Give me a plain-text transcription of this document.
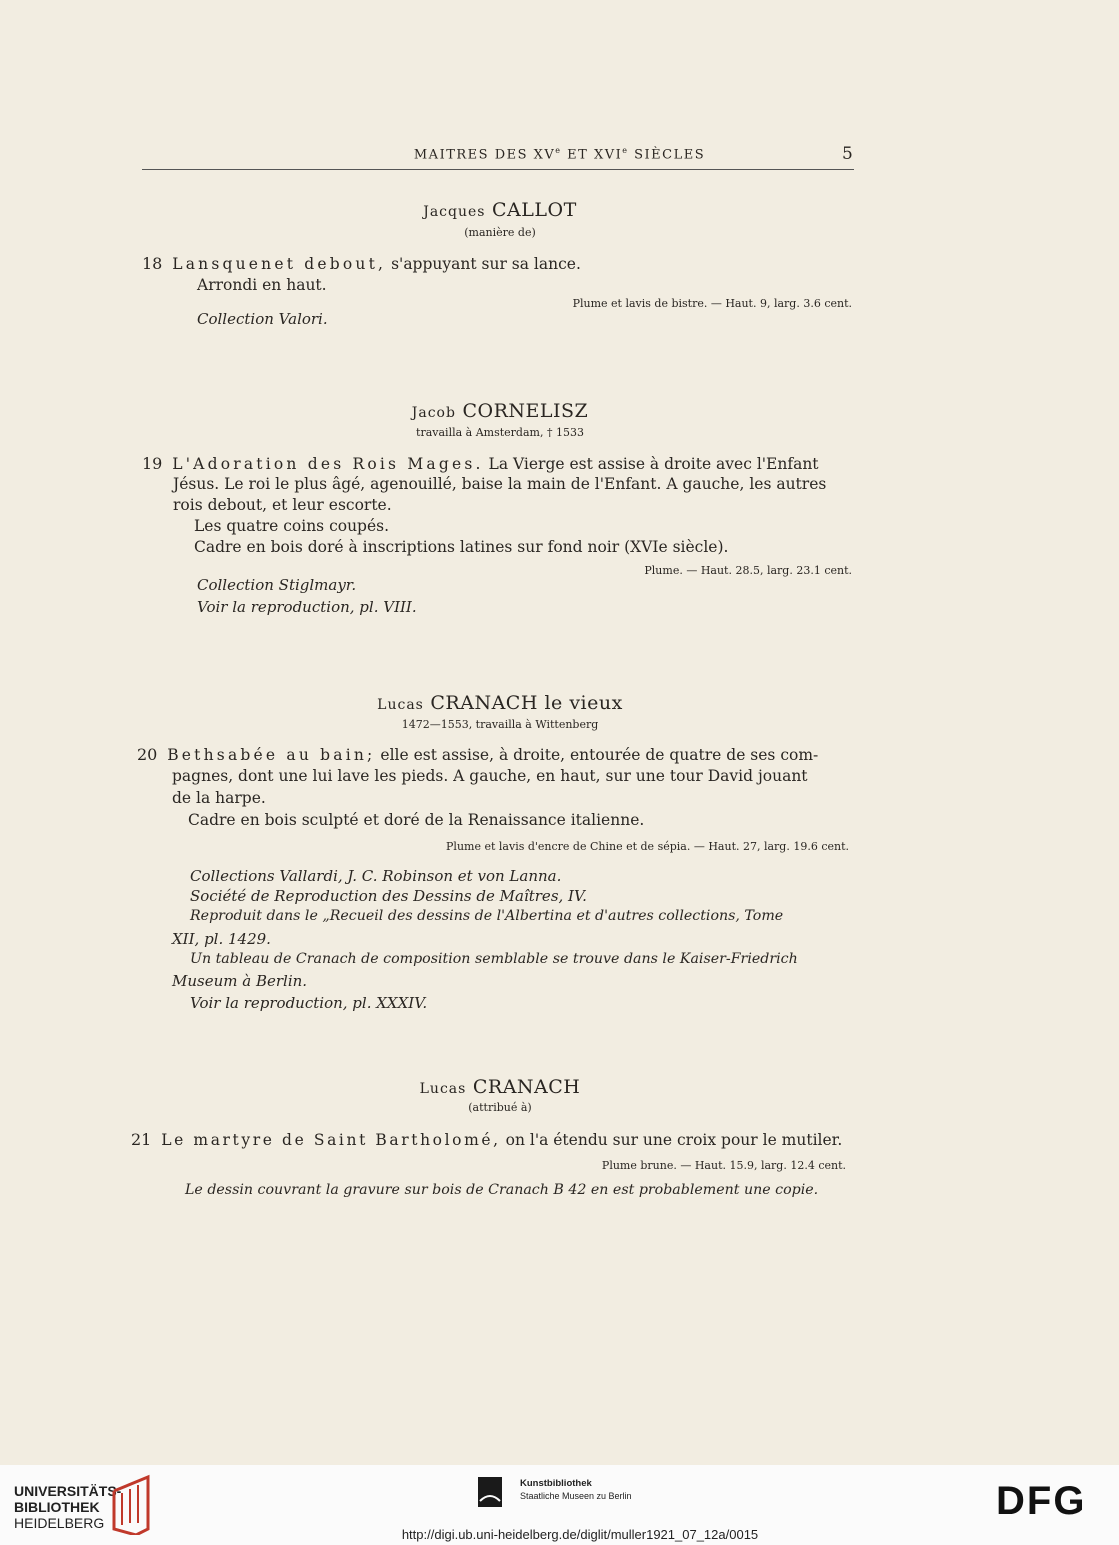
MAITRES DES XVe ET XVIe SIÈCLES	5
Jacques CALLOT
(manière de)
18 Lansquenet debout, s'appuyant sur sa lance.
Arrondi en haut.
Plume et lavis de bistre. — Haut. 9, larg. 3.6 cent.
Collection Valori.
Jacob CORNELISZ
travailla à Amsterdam, † 1533
19 L'Adoration des Rois Mages. La Vierge est assise à droite avec l'Enfant
Jésus. Le roi le plus âgé, agenouillé, baise la main de l'Enfant. A gauche, les autres
rois debout, et leur escorte.
Les quatre coins coupés.
Cadre en bois doré à inscriptions latines sur fond noir (XVIe siècle).
Plume. — Haut. 28.5, larg. 23.1 cent.
Collection Stiglmayr.
Voir la reproduction, pl. VIII.
Lucas CRANACH le vieux
1472—1553, travailla à Wittenberg
20 Bethsabée au bain; elle est assise, à droite, entourée de quatre de ses com-
pagnes, dont une lui lave les pieds. A gauche, en haut, sur une tour David jouant
de la harpe.
Cadre en bois sculpté et doré de la Renaissance italienne.
Plume et lavis d'encre de Chine et de sépia. — Haut. 27, larg. 19.6 cent.
Collections Vallardi, J. C. Robinson et von Lanna.
Société de Reproduction des Dessins de Maîtres, IV.
Reproduit dans le „Recueil des dessins de l'Albertina et d'autres collections, Tome
XII, pl. 1429.
Un tableau de Cranach de composition semblable se trouve dans le Kaiser-Friedrich
Museum à Berlin.
Voir la reproduction, pl. XXXIV.
Lucas CRANACH
(attribué à)
21 Le martyre de Saint Bartholomé, on l'a étendu sur une croix pour le mutiler.
Plume brune. — Haut. 15.9, larg. 12.4 cent.
Le dessin couvrant la gravure sur bois de Cranach B 42 en est probablement une copie.
UNIVERSITÄTS-
BIBLIOTHEK
HEIDELBERG
Kunstbibliothek
Staatliche Museen zu Berlin	DFG
http://digi.ub.uni-heidelberg.de/diglit/muller1921_07_12a/0015
